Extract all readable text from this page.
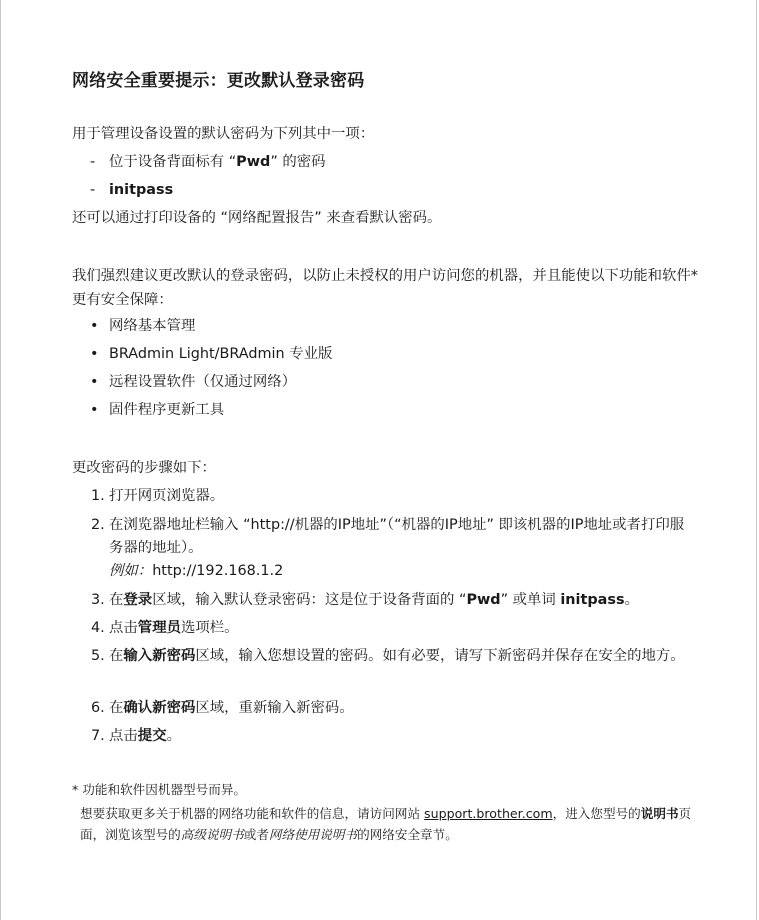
网络安全重要提示：更改默认登录密码
用于管理设备设置的默认密码为下列其中一项：
- 位于设备背面标有 “Pwd” 的密码
- initpass
还可以通过打印设备的 “网络配置报告” 来查看默认密码。
我们强烈建议更改默认的登录密码，以防止未授权的用户访问您的机器，并且能使以下功能和软件*更有安全保障：
• 网络基本管理
• BRAdmin Light/BRAdmin 专业版
• 远程设置软件（仅通过网络）
• 固件程序更新工具
更改密码的步骤如下：
1. 打开网页浏览器。
2. 在浏览器地址栏输入 “http://机器的IP地址”（“机器的IP地址” 即该机器的IP地址或者打印服务器的地址）。
例如：http://192.168.1.2
3. 在登录区域，输入默认登录密码：这是位于设备背面的 “Pwd” 或单词 initpass。
4. 点击管理员选项栏。
5. 在输入新密码区域，输入您想设置的密码。如有必要，请写下新密码并保存在安全的地方。
6. 在确认新密码区域，重新输入新密码。
7. 点击提交。
* 功能和软件因机器型号而异。
想要获取更多关于机器的网络功能和软件的信息，请访问网站 support.brother.com，进入您型号的说明书页面，浏览该型号的高级说明书或者网络使用说明书的网络安全章节。
